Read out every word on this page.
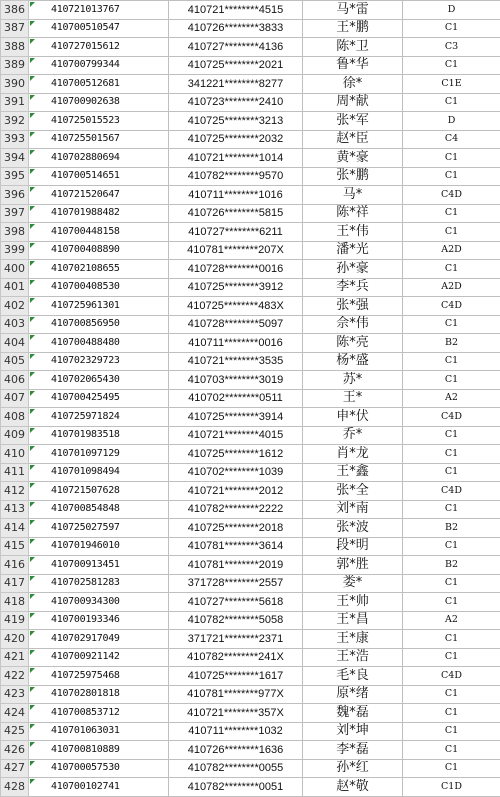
386	410721013767	410721********4515	马*雷	D
387	410700510547	410726********3833	王*鹏	C1
388	410727015612	410727********4136	陈*卫	C3
389	410700799344	410725********2021	鲁*华	C1
390	410700512681	341221********8277	徐*	C1E
391	410700902638	410723********2410	周*献	C1
392	410725015523	410725********3213	张*军	D
393	410725501567	410725********2032	赵*臣	C4
394	410702880694	410721********1014	黄*豪	C1
395	410700514651	410782********9570	张*鹏	C1
396	410721520647	410711********1016	马*	C4D
397	410701988482	410726********5815	陈*祥	C1
398	410700448158	410727********6211	王*伟	C1
399	410700408890	410781********207X	潘*光	A2D
400	410702108655	410728********0016	孙*豪	C1
401	410700408530	410725********3912	李*兵	A2D
402	410725961301	410725********483X	张*强	C4D
403	410700856950	410728********5097	佘*伟	C1
404	410700488480	410711********0016	陈*亮	B2
405	410702329723	410721********3535	杨*盛	C1
406	410702065430	410703********3019	苏*	C1
407	410700425495	410702********0511	王*	A2
408	410725971824	410725********3914	申*伏	C4D
409	410701983518	410721********4015	乔*	C1
410	410701097129	410725********1612	肖*龙	C1
411	410701098494	410702********1039	王*鑫	C1
412	410721507628	410721********2012	张*全	C4D
413	410700854848	410782********2222	刘*南	C1
414	410725027597	410725********2018	张*波	B2
415	410701946010	410781********3614	段*明	C1
416	410700913451	410781********2019	郭*胜	B2
417	410702581283	371728********2557	娄*	C1
418	410700934300	410727********5618	王*帅	C1
419	410700193346	410782********5058	王*昌	A2
420	410702917049	371721********2371	王*康	C1
421	410700921142	410782********241X	王*浩	C1
422	410725975468	410725********1617	毛*良	C4D
423	410702801818	410781********977X	原*绪	C1
424	410700853712	410721********357X	魏*磊	C1
425	410701063031	410711********1032	刘*坤	C1
426	410700810889	410726********1636	李*磊	C1
427	410700057530	410782********0055	孙*红	C1
428	410700102741	410782********0051	赵*敬	C1D
